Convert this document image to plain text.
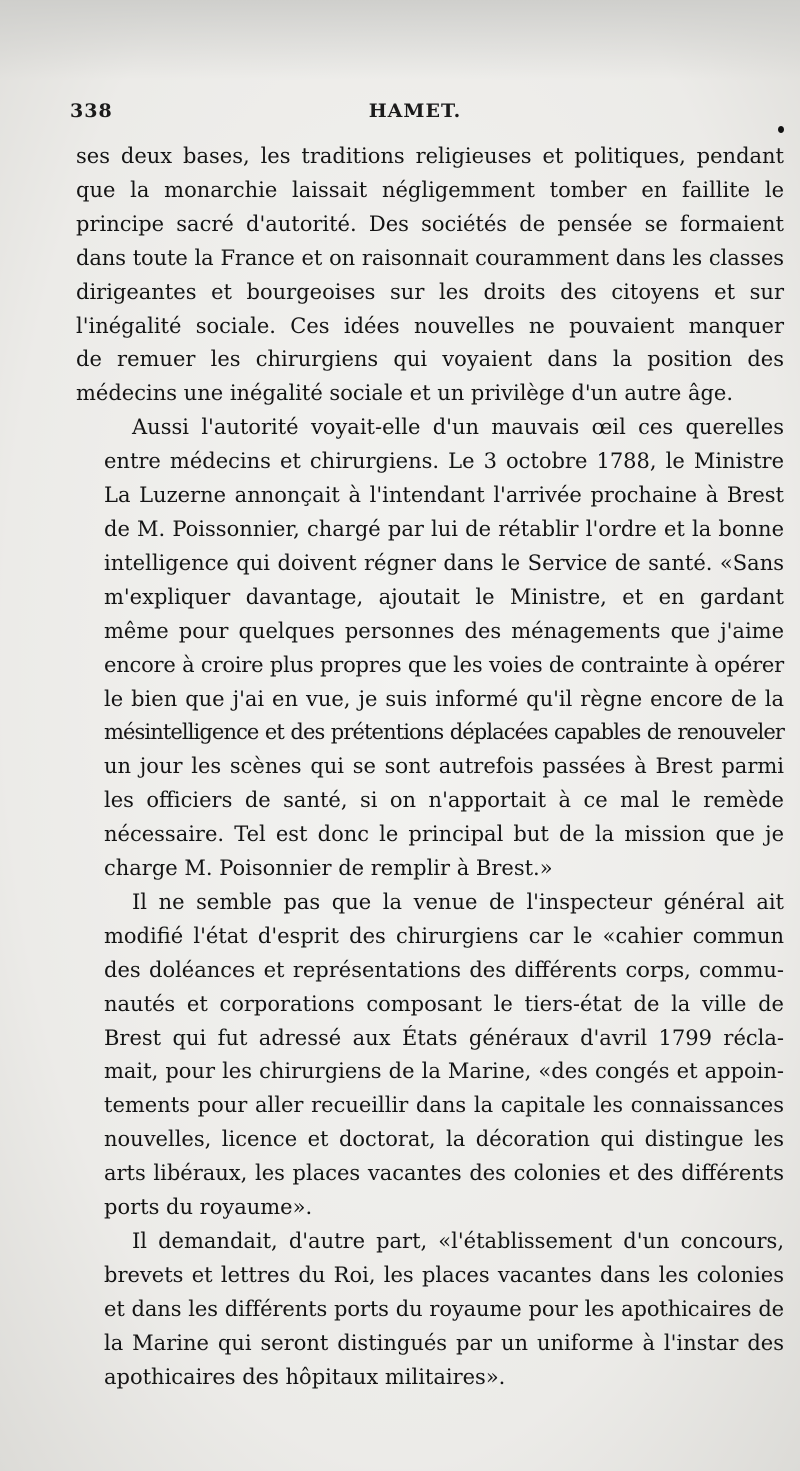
338	HAMET.
ses deux bases, les traditions religieuses et politiques, pendant
que la monarchie laissait négligemment tomber en faillite le
principe sacré d'autorité. Des sociétés de pensée se formaient
dans toute la France et on raisonnait couramment dans les classes
dirigeantes et bourgeoises sur les droits des citoyens et sur
l'inégalité sociale. Ces idées nouvelles ne pouvaient manquer
de remuer les chirurgiens qui voyaient dans la position des
médecins une inégalité sociale et un privilège d'un autre âge.
Aussi l'autorité voyait-elle d'un mauvais œil ces querelles
entre médecins et chirurgiens. Le 3 octobre 1788, le Ministre
La Luzerne annonçait à l'intendant l'arrivée prochaine à Brest
de M. Poissonnier, chargé par lui de rétablir l'ordre et la bonne
intelligence qui doivent régner dans le Service de santé. «Sans
m'expliquer davantage, ajoutait le Ministre, et en gardant
même pour quelques personnes des ménagements que j'aime
encore à croire plus propres que les voies de contrainte à opérer
le bien que j'ai en vue, je suis informé qu'il règne encore de la
mésintelligence et des prétentions déplacées capables de renouveler
un jour les scènes qui se sont autrefois passées à Brest parmi
les officiers de santé, si on n'apportait à ce mal le remède
nécessaire. Tel est donc le principal but de la mission que je
charge M. Poisonnier de remplir à Brest.»
Il ne semble pas que la venue de l'inspecteur général ait
modifié l'état d'esprit des chirurgiens car le «cahier commun
des doléances et représentations des différents corps, commu-
nautés et corporations composant le tiers-état de la ville de
Brest qui fut adressé aux États généraux d'avril 1799 récla-
mait, pour les chirurgiens de la Marine, «des congés et appoin-
tements pour aller recueillir dans la capitale les connaissances
nouvelles, licence et doctorat, la décoration qui distingue les
arts libéraux, les places vacantes des colonies et des différents
ports du royaume».
Il demandait, d'autre part, «l'établissement d'un concours,
brevets et lettres du Roi, les places vacantes dans les colonies
et dans les différents ports du royaume pour les apothicaires de
la Marine qui seront distingués par un uniforme à l'instar des
apothicaires des hôpitaux militaires».
